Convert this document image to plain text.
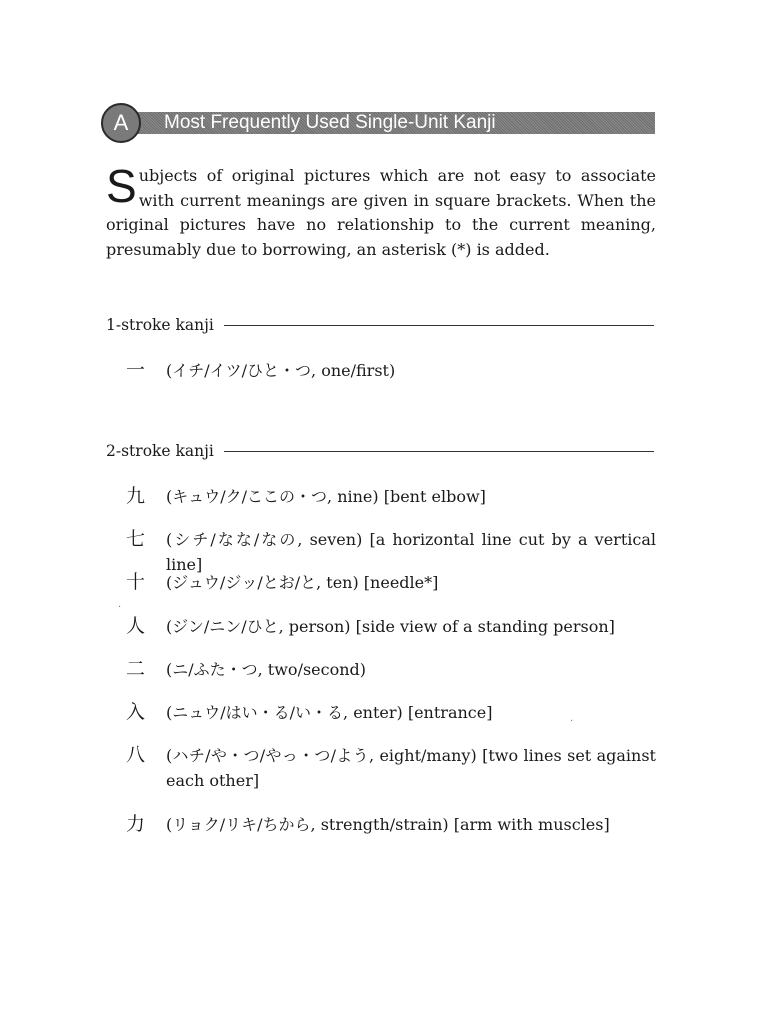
A	Most Frequently Used Single-Unit Kanji
Subjects of original pictures which are not easy to associate with current meanings are given in square brackets. When the original pictures have no relationship to the current meaning, presumably due to borrowing, an asterisk (*) is added.
1-stroke kanji
一	(イチ/イツ/ひと・つ, one/first)
2-stroke kanji
九	(キュウ/ク/ここの・つ, nine) [bent elbow]
七	(シチ/なな/なの, seven) [a horizontal line cut by a vertical line]
十	(ジュウ/ジッ/とお/と, ten) [needle*]
人	(ジン/ニン/ひと, person) [side view of a standing person]
二	(ニ/ふた・つ, two/second)
入	(ニュウ/はい・る/い・る, enter) [entrance]
八	(ハチ/や・つ/やっ・つ/よう, eight/many) [two lines set against each other]
力	(リョク/リキ/ちから, strength/strain) [arm with muscles]
·
·
